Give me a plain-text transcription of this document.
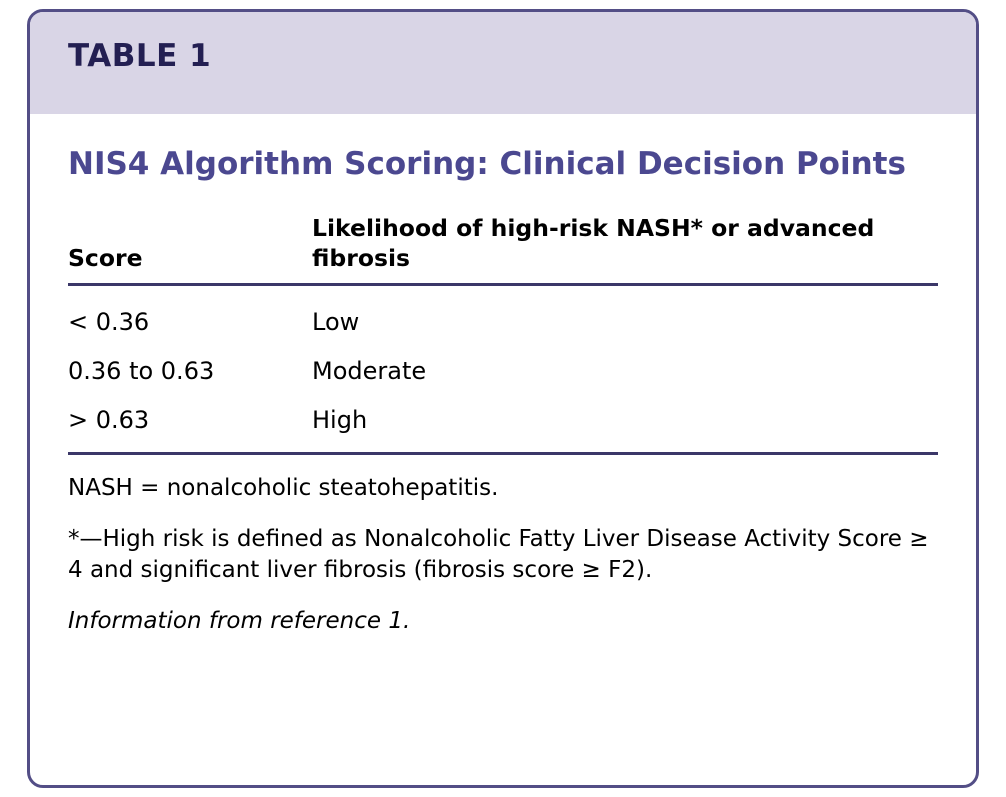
TABLE 1
NIS4 Algorithm Scoring: Clinical Decision Points
Score	Likelihood of high-risk NASH* or advanced fibrosis
< 0.36	Low
0.36 to 0.63	Moderate
> 0.63	High
NASH = nonalcoholic steatohepatitis.
*—High risk is defined as Nonalcoholic Fatty Liver Disease Activity Score ≥ 4 and significant liver fibrosis (fibrosis score ≥ F2).
Information from reference 1.
